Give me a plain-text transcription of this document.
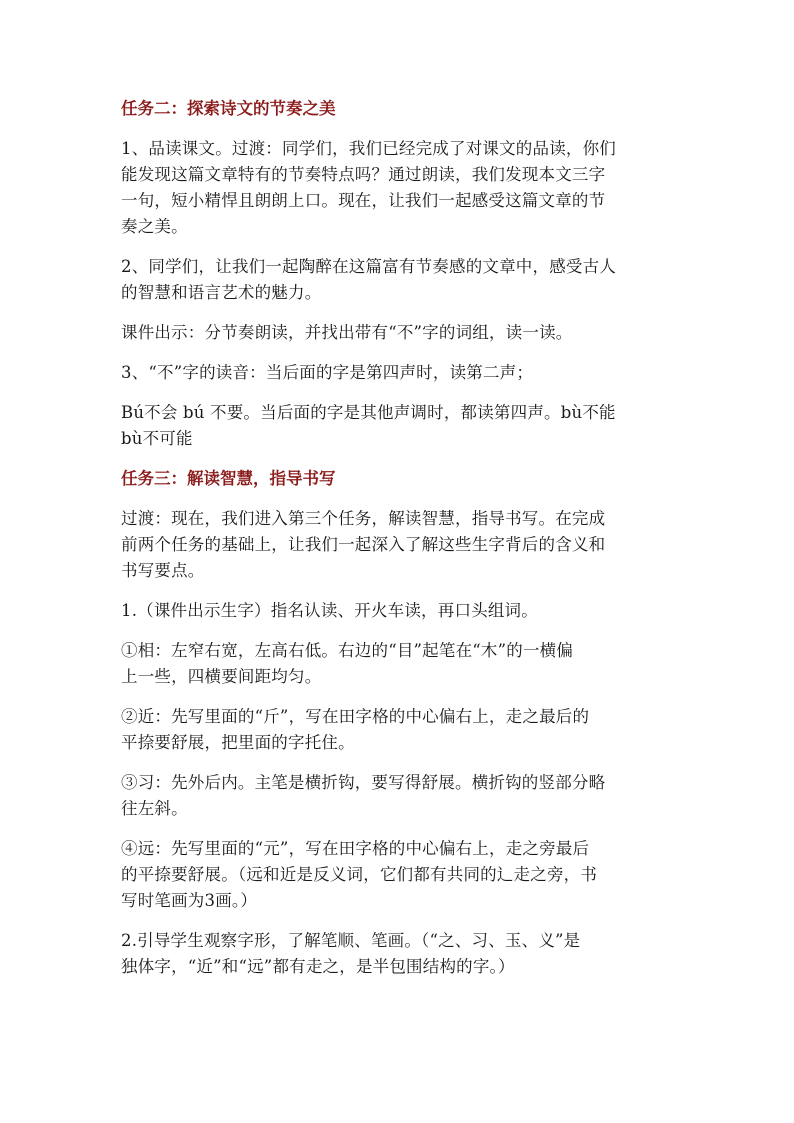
任务二：探索诗文的节奏之美
1、品读课文。过渡：同学们，我们已经完成了对课文的品读，你们
能发现这篇文章特有的节奏特点吗？通过朗读，我们发现本文三字
一句，短小精悍且朗朗上口。现在，让我们一起感受这篇文章的节
奏之美。
2、同学们，让我们一起陶醉在这篇富有节奏感的文章中，感受古人
的智慧和语言艺术的魅力。
课件出示：分节奏朗读，并找出带有“不”字的词组，读一读。
3、“不”字的读音：当后面的字是第四声时，读第二声；
Bú不会 bú 不要。当后面的字是其他声调时，都读第四声。bù不能
bù不可能
任务三：解读智慧，指导书写
过渡：现在，我们进入第三个任务，解读智慧，指导书写。在完成
前两个任务的基础上，让我们一起深入了解这些生字背后的含义和
书写要点。
1.（课件出示生字）指名认读、开火车读，再口头组词。
①相：左窄右宽，左高右低。右边的“目”起笔在“木”的一横偏
上一些，四横要间距均匀。
②近：先写里面的“斤”，写在田字格的中心偏右上，走之最后的
平捺要舒展，把里面的字托住。
③习：先外后内。主笔是横折钩，要写得舒展。横折钩的竖部分略
往左斜。
④远：先写里面的“元”，写在田字格的中心偏右上，走之旁最后
的平捺要舒展。（远和近是反义词，它们都有共同的辶走之旁，书
写时笔画为3画。）
2.引导学生观察字形，了解笔顺、笔画。（“之、习、玉、义”是
独体字，“近”和“远”都有走之，是半包围结构的字。）
